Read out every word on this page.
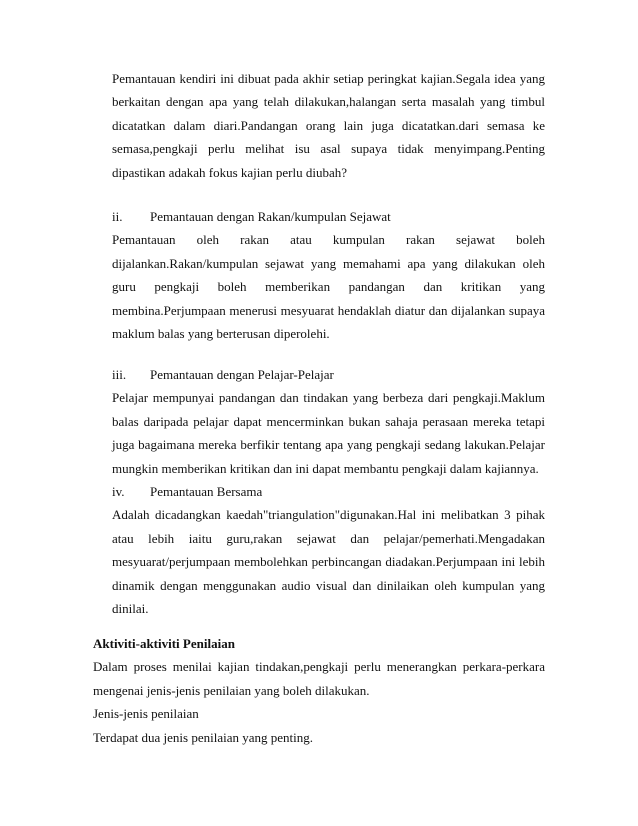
Pemantauan kendiri ini dibuat pada akhir setiap peringkat kajian.Segala idea yang berkaitan dengan apa yang telah dilakukan,halangan serta masalah yang timbul dicatatkan dalam diari.Pandangan orang lain juga dicatatkan.dari semasa ke semasa,pengkaji perlu melihat isu asal supaya tidak menyimpang.Penting dipastikan adakah fokus kajian perlu diubah?

ii.	Pemantauan dengan Rakan/kumpulan Sejawat

Pemantauan oleh rakan atau kumpulan rakan sejawat boleh dijalankan.Rakan/kumpulan sejawat yang memahami apa yang dilakukan oleh guru pengkaji boleh memberikan pandangan dan kritikan yang membina.Perjumpaan menerusi mesyuarat hendaklah diatur dan dijalankan supaya maklum balas yang berterusan diperolehi.

iii.	Pemantauan dengan Pelajar-Pelajar

Pelajar mempunyai pandangan dan tindakan yang berbeza dari pengkaji.Maklum balas daripada pelajar dapat mencerminkan bukan sahaja perasaan mereka tetapi juga bagaimana mereka berfikir tentang apa yang pengkaji sedang lakukan.Pelajar mungkin memberikan kritikan dan ini dapat membantu pengkaji dalam kajiannya.

iv.	Pemantauan Bersama

Adalah dicadangkan kaedah"triangulation"digunakan.Hal ini melibatkan 3 pihak atau lebih iaitu guru,rakan sejawat dan pelajar/pemerhati.Mengadakan mesyuarat/perjumpaan membolehkan perbincangan diadakan.Perjumpaan ini lebih dinamik dengan menggunakan audio visual dan dinilaikan oleh kumpulan yang dinilai.

Aktiviti-aktiviti Penilaian

Dalam proses menilai kajian tindakan,pengkaji perlu menerangkan perkara-perkara mengenai jenis-jenis penilaian yang boleh dilakukan.

Jenis-jenis penilaian

Terdapat dua jenis penilaian yang penting.
